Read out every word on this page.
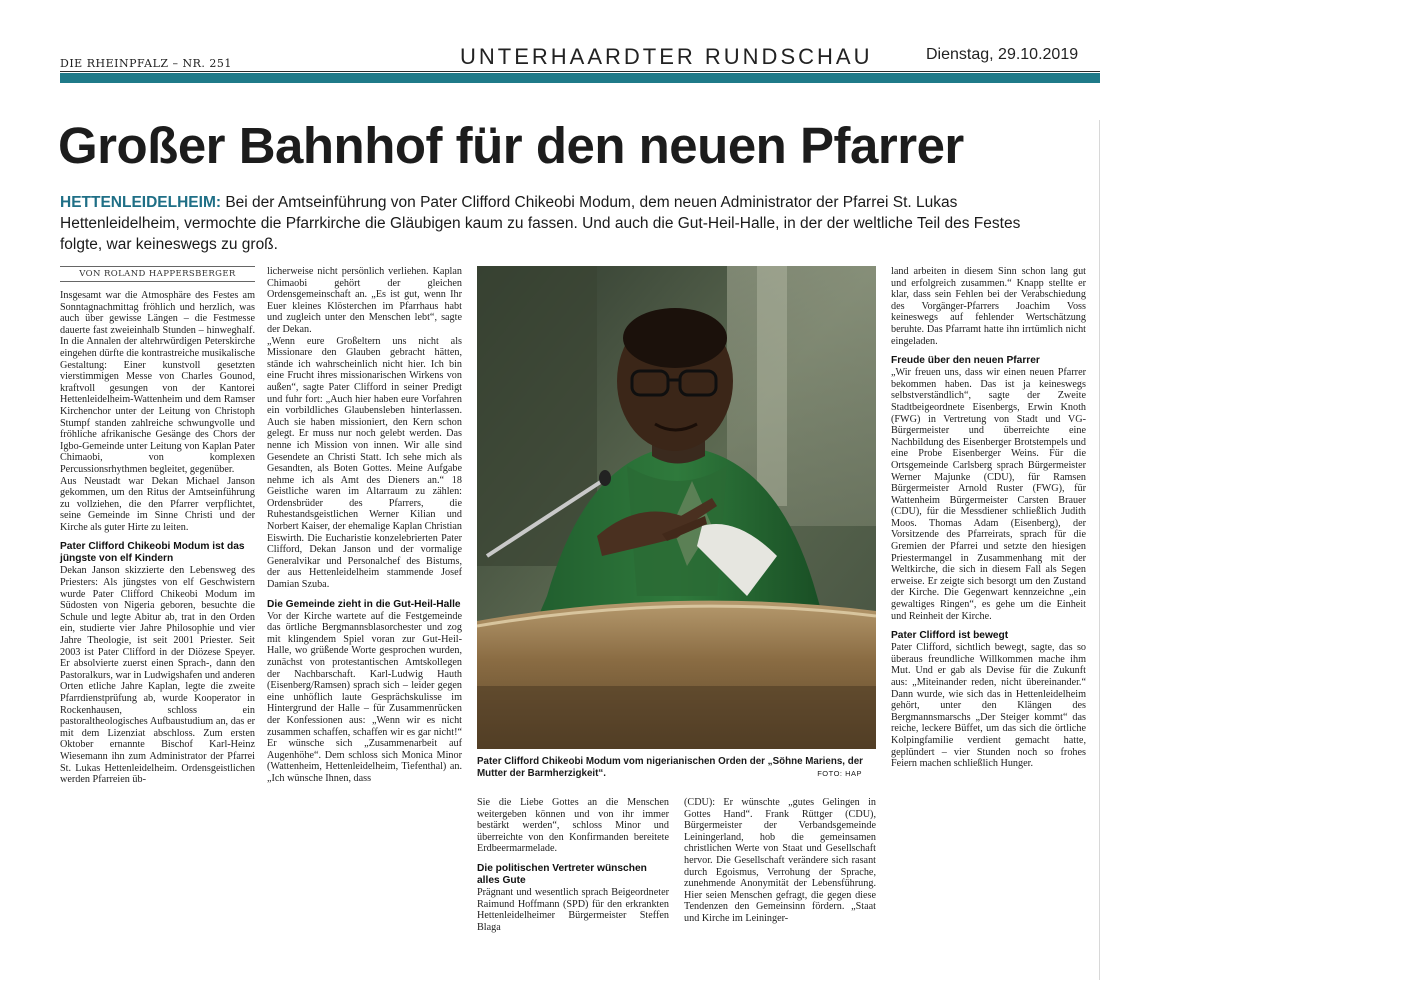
DIE RHEINPFALZ – NR. 251	UNTERHAARDTER RUNDSCHAU	Dienstag, 29.10.2019
Großer Bahnhof für den neuen Pfarrer
HETTENLEIDELHEIM: Bei der Amtseinführung von Pater Clifford Chikeobi Modum, dem neuen Administrator der Pfarrei St. Lukas Hettenleidelheim, vermochte die Pfarrkirche die Gläubigen kaum zu fassen. Und auch die Gut-Heil-Halle, in der der weltliche Teil des Festes folgte, war keineswegs zu groß.
VON ROLAND HAPPERSBERGER

Insgesamt war die Atmosphäre des Festes am Sonntagnachmittag fröhlich und herzlich, was auch über gewisse Längen – die Festmesse dauerte fast zweieinhalb Stunden – hinweghalf. In die Annalen der altehrwürdigen Peterskirche eingehen dürfte die kontrastreiche musikalische Gestaltung: Einer kunstvoll gesetzten vierstimmigen Messe von Charles Gounod, kraftvoll gesungen von der Kantorei Hettenleidelheim-Wattenheim und dem Ramser Kirchenchor unter der Leitung von Christoph Stumpf standen zahlreiche schwungvolle und fröhliche afrikanische Gesänge des Chors der Igbo-Gemeinde unter Leitung von Kaplan Pater Chimaobi, von komplexen Percussionsrhythmen begleitet, gegenüber.

Aus Neustadt war Dekan Michael Janson gekommen, um den Ritus der Amtseinführung zu vollziehen, die den Pfarrer verpflichtet, seine Gemeinde im Sinne Christi und der Kirche als guter Hirte zu leiten.

Pater Clifford Chikeobi Modum ist das jüngste von elf Kindern

Dekan Janson skizzierte den Lebensweg des Priesters: Als jüngstes von elf Geschwistern wurde Pater Clifford Chikeobi Modum im Südosten von Nigeria geboren, besuchte die Schule und legte Abitur ab, trat in den Orden ein, studierte vier Jahre Philosophie und vier Jahre Theologie, ist seit 2001 Priester. Seit 2003 ist Pater Clifford in der Diözese Speyer. Er absolvierte zuerst einen Sprach-, dann den Pastoralkurs, war in Ludwigshafen und anderen Orten etliche Jahre Kaplan, legte die zweite Pfarrdienstprüfung ab, wurde Kooperator in Rockenhausen, schloss ein pastoraltheologisches Aufbaustudium an, das er mit dem Lizenziat abschloss. Zum ersten Oktober ernannte Bischof Karl-Heinz Wiesemann ihn zum Administrator der Pfarrei St. Lukas Hettenleidelheim. Ordensgeistlichen werden Pfarreien üb-

licherweise nicht persönlich verliehen. Kaplan Chimaobi gehört der gleichen Ordensgemeinschaft an. „Es ist gut, wenn Ihr Euer kleines Klösterchen im Pfarrhaus habt und zugleich unter den Menschen lebt“, sagte der Dekan.

„Wenn eure Großeltern uns nicht als Missionare den Glauben gebracht hätten, stände ich wahrscheinlich nicht hier. Ich bin eine Frucht ihres missionarischen Wirkens von außen“, sagte Pater Clifford in seiner Predigt und fuhr fort: „Auch hier haben eure Vorfahren ein vorbildliches Glaubensleben hinterlassen. Auch sie haben missioniert, den Kern schon gelegt. Er muss nur noch gelebt werden. Das nenne ich Mission von innen. Wir alle sind Gesendete an Christi Statt. Ich sehe mich als Gesandten, als Boten Gottes. Meine Aufgabe nehme ich als Amt des Dieners an.“ 18 Geistliche waren im Altarraum zu zählen: Ordensbrüder des Pfarrers, die Ruhestandsgeistlichen Werner Kilian und Norbert Kaiser, der ehemalige Kaplan Christian Eiswirth. Die Eucharistie konzelebrierten Pater Clifford, Dekan Janson und der vormalige Generalvikar und Personalchef des Bistums, der aus Hettenleidelheim stammende Josef Damian Szuba.

Die Gemeinde zieht in die Gut-Heil-Halle

Vor der Kirche wartete auf die Festgemeinde das örtliche Bergmannsblasorchester und zog mit klingendem Spiel voran zur Gut-Heil-Halle, wo grüßende Worte gesprochen wurden, zunächst von protestantischen Amtskollegen der Nachbarschaft. Karl-Ludwig Hauth (Eisenberg/Ramsen) sprach sich – leider gegen eine unhöflich laute Gesprächskulisse im Hintergrund der Halle – für Zusammenrücken der Konfessionen aus: „Wenn wir es nicht zusammen schaffen, schaffen wir es gar nicht!“ Er wünsche sich „Zusammenarbeit auf Augenhöhe“. Dem schloss sich Monica Minor (Wattenheim, Hettenleidelheim, Tiefenthal) an. „Ich wünsche Ihnen, dass

Pater Clifford Chikeobi Modum vom nigerianischen Orden der „Söhne Mariens, der Mutter der Barmherzigkeit“.	FOTO: HAP

Sie die Liebe Gottes an die Menschen weitergeben können und von ihr immer bestärkt werden“, schloss Minor und überreichte von den Konfirmanden bereitete Erdbeermarmelade.

Die politischen Vertreter wünschen alles Gute

Prägnant und wesentlich sprach Beigeordneter Raimund Hoffmann (SPD) für den erkrankten Hettenleidelheimer Bürgermeister Steffen Blaga

(CDU): Er wünschte „gutes Gelingen in Gottes Hand“. Frank Rüttger (CDU), Bürgermeister der Verbandsgemeinde Leiningerland, hob die gemeinsamen christlichen Werte von Staat und Gesellschaft hervor. Die Gesellschaft verändere sich rasant durch Egoismus, Verrohung der Sprache, zunehmende Anonymität der Lebensführung. Hier seien Menschen gefragt, die gegen diese Tendenzen den Gemeinsinn fördern. „Staat und Kirche im Leininger-

land arbeiten in diesem Sinn schon lang gut und erfolgreich zusammen.“ Knapp stellte er klar, dass sein Fehlen bei der Verabschiedung des Vorgänger-Pfarrers Joachim Voss keineswegs auf fehlender Wertschätzung beruhte. Das Pfarramt hatte ihn irrtümlich nicht eingeladen.

Freude über den neuen Pfarrer

„Wir freuen uns, dass wir einen neuen Pfarrer bekommen haben. Das ist ja keineswegs selbstverständlich“, sagte der Zweite Stadtbeigeordnete Eisenbergs, Erwin Knoth (FWG) in Vertretung von Stadt und VG-Bürgermeister und überreichte eine Nachbildung des Eisenberger Brotstempels und eine Probe Eisenberger Weins. Für die Ortsgemeinde Carlsberg sprach Bürgermeister Werner Majunke (CDU), für Ramsen Bürgermeister Arnold Ruster (FWG), für Wattenheim Bürgermeister Carsten Brauer (CDU), für die Messdiener schließlich Judith Moos. Thomas Adam (Eisenberg), der Vorsitzende des Pfarreirats, sprach für die Gremien der Pfarrei und setzte den hiesigen Priestermangel in Zusammenhang mit der Weltkirche, die sich in diesem Fall als Segen erweise. Er zeigte sich besorgt um den Zustand der Kirche. Die Gegenwart kennzeichne „ein gewaltiges Ringen“, es gehe um die Einheit und Reinheit der Kirche.

Pater Clifford ist bewegt

Pater Clifford, sichtlich bewegt, sagte, das so überaus freundliche Willkommen mache ihm Mut. Und er gab als Devise für die Zukunft aus: „Miteinander reden, nicht übereinander.“ Dann wurde, wie sich das in Hettenleidelheim gehört, unter den Klängen des Bergmannsmarschs „Der Steiger kommt“ das reiche, leckere Büffet, um das sich die örtliche Kolpingfamilie verdient gemacht hatte, geplündert – vier Stunden noch so frohes Feiern machen schließlich Hunger.
